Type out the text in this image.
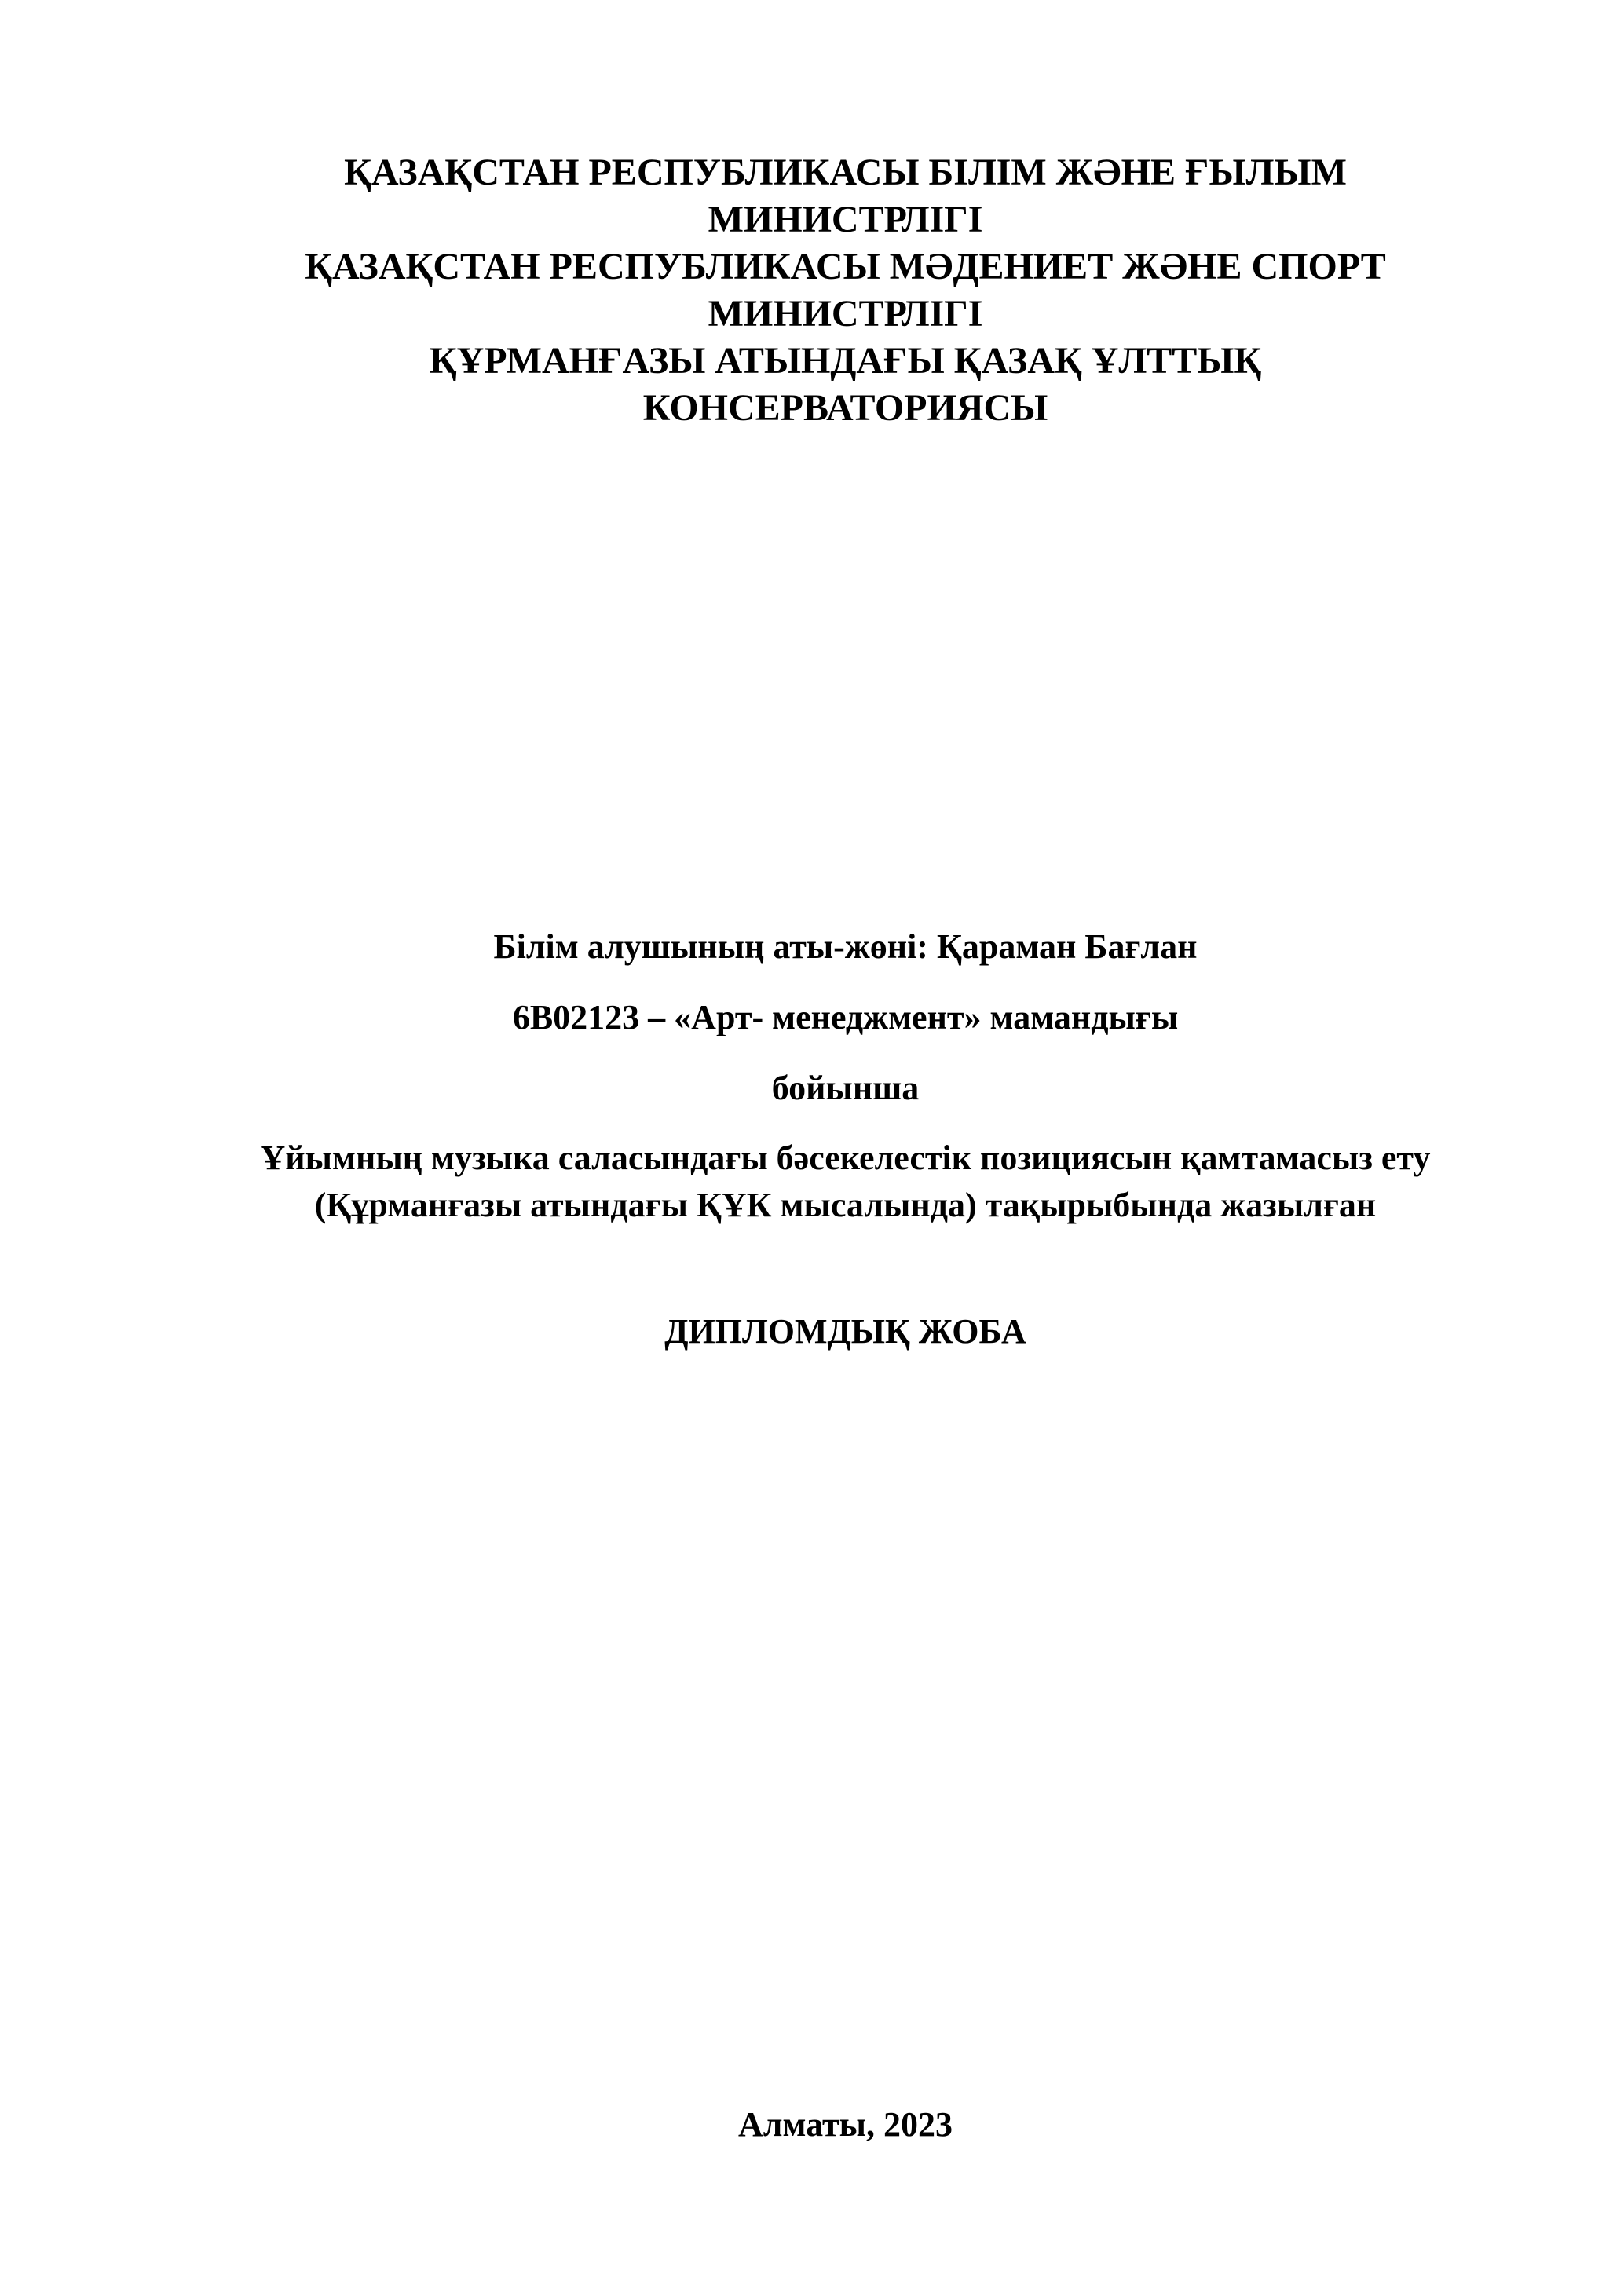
ҚАЗАҚСТАН РЕСПУБЛИКАСЫ БІЛІМ ЖӘНЕ ҒЫЛЫМ
МИНИСТРЛІГІ
ҚАЗАҚСТАН РЕСПУБЛИКАСЫ МӘДЕНИЕТ ЖӘНЕ СПОРТ
МИНИСТРЛІГІ
ҚҰРМАНҒАЗЫ АТЫНДАҒЫ ҚАЗАҚ ҰЛТТЫҚ
КОНСЕРВАТОРИЯСЫ
Білім алушының аты-жөні: Қараман Бағлан
6В02123 – «Арт- менеджмент» мамандығы
бойынша
Ұйымның музыка саласындағы бәсекелестік позициясын қамтамасыз ету
(Құрманғазы атындағы ҚҰК мысалында) тақырыбында жазылған
ДИПЛОМДЫҚ ЖОБА
Алматы, 2023
